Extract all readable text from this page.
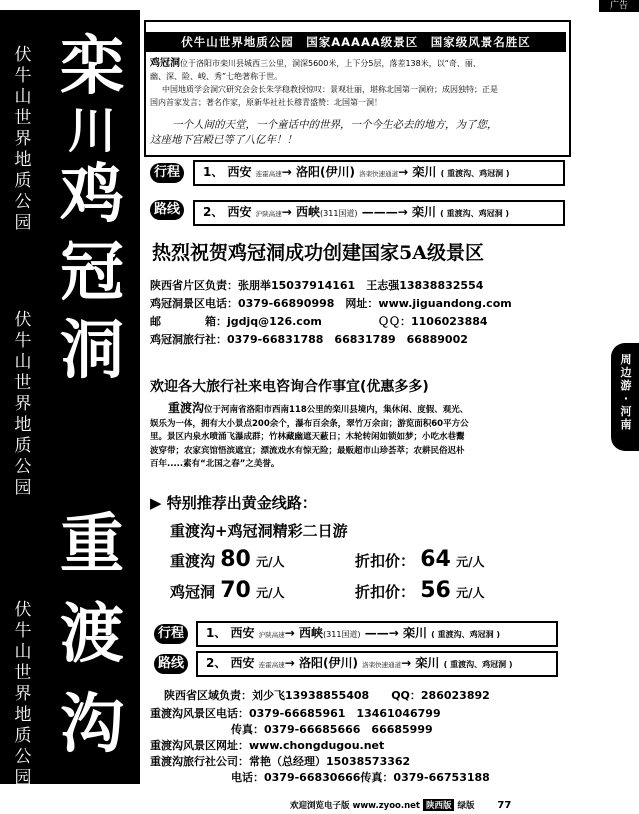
广告
伏
牛
山
世
界
地
质
公
园
伏
牛
山
世
界
地
质
公
园
伏
牛
山
世
界
地
质
公
园
栾
川
鸡
冠
洞
重
渡
沟
伏牛山世界地质公园　国家AAAAA级景区　国家级风景名胜区
鸡冠洞位于洛阳市栾川县城西三公里，洞深5600米，上下分5层，落差138米，以“奇、丽、
幽、深、险、峻、秀”七绝著称于世。
中国地质学会洞穴研究会会长朱学稳教授惊叹：景观壮丽，堪称北国第一洞府；成因独特；正是
国内首家发言；著名作家，原新华社社长穆青盛赞：北国第一洞！
一个人间的天堂，一个童话中的世界，一个今生必去的地方，为了您，
这座地下宫殿已等了八亿年！！
行程
路线
1、 西安 连霍高速→ 洛阳(伊川) 洛栾快速通道→ 栾川 ( 重渡沟、鸡冠洞 )
2、 西安 沪陕高速→ 西峡(311国道) ———→ 栾川 ( 重渡沟、鸡冠洞 )
热烈祝贺鸡冠洞成功创建国家5A级景区
陕西省片区负责：张朋举15037914161　王志强13838832554
鸡冠洞景区电话：0379-66890998　网址：www.jiguandong.com
邮　　　　箱：jgdjq@126.com	ＱＱ：1106023884
鸡冠洞旅行社：0379-66831788　66831789　66889002
欢迎各大旅行社来电咨询合作事宜(优惠多多)
重渡沟位于河南省洛阳市西南118公里的栾川县境内，集休闲、度假、观光、
娱乐为一体，拥有大小景点200余个，瀑布百余条，翠竹万余亩；游览面积60平方公
里。景区内泉水喷涌飞瀑成群；竹林藏幽遮天蔽日；木轮转闲如锁如梦；小吃水巷鬻
波穿带；农家宾馆悟滨遮宜；漂流戏水有惊无险；最贩超市山珍荟萃；农耕民俗迟朴
百年.....素有“北国之春”之美誉。
▶ 特别推荐出黄金线路：
重渡沟+鸡冠洞精彩二日游
重渡沟 80 元/人	折扣价： 64 元/人
鸡冠洞 70 元/人	折扣价： 56 元/人
行程
路线
1、 西安 沪陕高速→ 西峡(311国道) ——→ 栾川 ( 重渡沟、鸡冠洞 )
2、 西安 连霍高速→ 洛阳(伊川) 洛栾快速通道→ 栾川 ( 重渡沟、鸡冠洞 )
陕西省区域负责：刘少飞13938855408　　QQ：286023892
重渡沟风景区电话：0379-66685961　13461046799
传真：0379-66685666　66685999
重渡沟风景区网址：www.chongdugou.net
重渡沟旅行社公司：常艳（总经理）15038573362
电话：0379-66830666传真：0379-66753188
周边游·河南
欢迎浏览电子版 www.zyoo.net 陕西版 绿版 77
